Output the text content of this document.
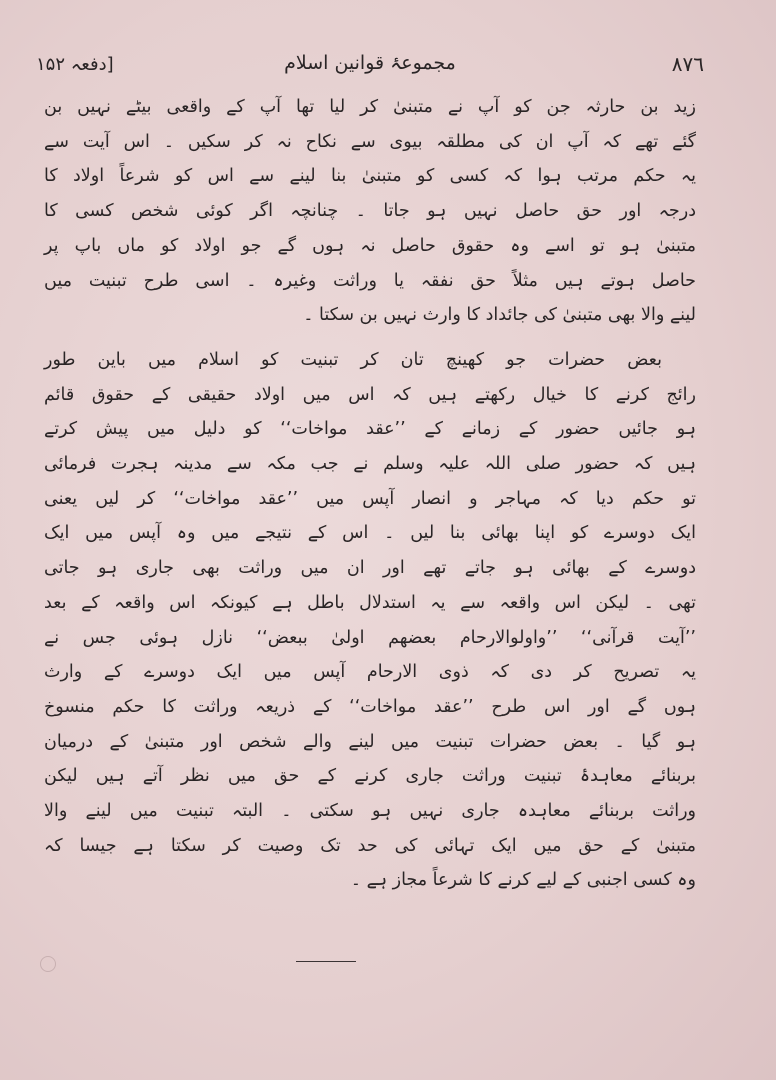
٨٧٦
مجموعۂ قوانین اسلام
[دفعہ ۱۵۲
زید بن حارثہ جن کو آپ نے متبنیٰ کر لیا تھا آپ کے واقعی بیٹے نہیں بن
گئے تھے کہ آپ ان کی مطلقہ بیوی سے نکاح نہ کر سکیں ۔ اس آیت سے
یہ حکم مرتب ہوا کہ کسی کو متبنیٰ بنا لینے سے اس کو شرعاً اولاد کا
درجہ اور حق حاصل نہیں ہو جاتا ۔ چنانچہ اگر کوئی شخص کسی کا
متبنیٰ ہو تو اسے وہ حقوق حاصل نہ ہوں گے جو اولاد کو ماں باپ پر
حاصل ہوتے ہیں مثلاً حق نفقہ یا وراثت وغیرہ ۔ اسی طرح تبنیت میں
لینے والا بھی متبنیٰ کی جائداد کا وارث نہیں بن سکتا ۔
بعض حضرات جو کھینچ تان کر تبنیت کو اسلام میں باین طور
رائج کرنے کا خیال رکھتے ہیں کہ اس میں اولاد حقیقی کے حقوق قائم
ہو جائیں حضور کے زمانے کے ’’عقد مواخات‘‘ کو دلیل میں پیش کرتے
ہیں کہ حضور صلی اللہ علیہ وسلم نے جب مکہ سے مدینہ ہجرت فرمائی
تو حکم دیا کہ مہاجر و انصار آپس میں ’’عقد مواخات‘‘ کر لیں یعنی
ایک دوسرے کو اپنا بھائی بنا لیں ۔ اس کے نتیجے میں وہ آپس میں ایک
دوسرے کے بھائی ہو جاتے تھے اور ان میں وراثت بھی جاری ہو جاتی
تھی ۔ لیکن اس واقعہ سے یہ استدلال باطل ہے کیونکہ اس واقعہ کے بعد
’’آیت قرآنی‘‘ ’’واولوالارحام بعضھم اولیٰ ببعض‘‘ نازل ہوئی جس نے
یہ تصریح کر دی کہ ذوی الارحام آپس میں ایک دوسرے کے وارث
ہوں گے اور اس طرح ’’عقد مواخات‘‘ کے ذریعہ وراثت کا حکم منسوخ
ہو گیا ۔ بعض حضرات تبنیت میں لینے والے شخص اور متبنیٰ کے درمیان
بربنائے معاہدۂ تبنیت وراثت جاری کرنے کے حق میں نظر آتے ہیں لیکن
وراثت بربنائے معاہدہ جاری نہیں ہو سکتی ۔ البتہ تبنیت میں لینے والا
متبنیٰ کے حق میں ایک تہائی کی حد تک وصیت کر سکتا ہے جیسا کہ
وہ کسی اجنبی کے لیے کرنے کا شرعاً مجاز ہے ۔
